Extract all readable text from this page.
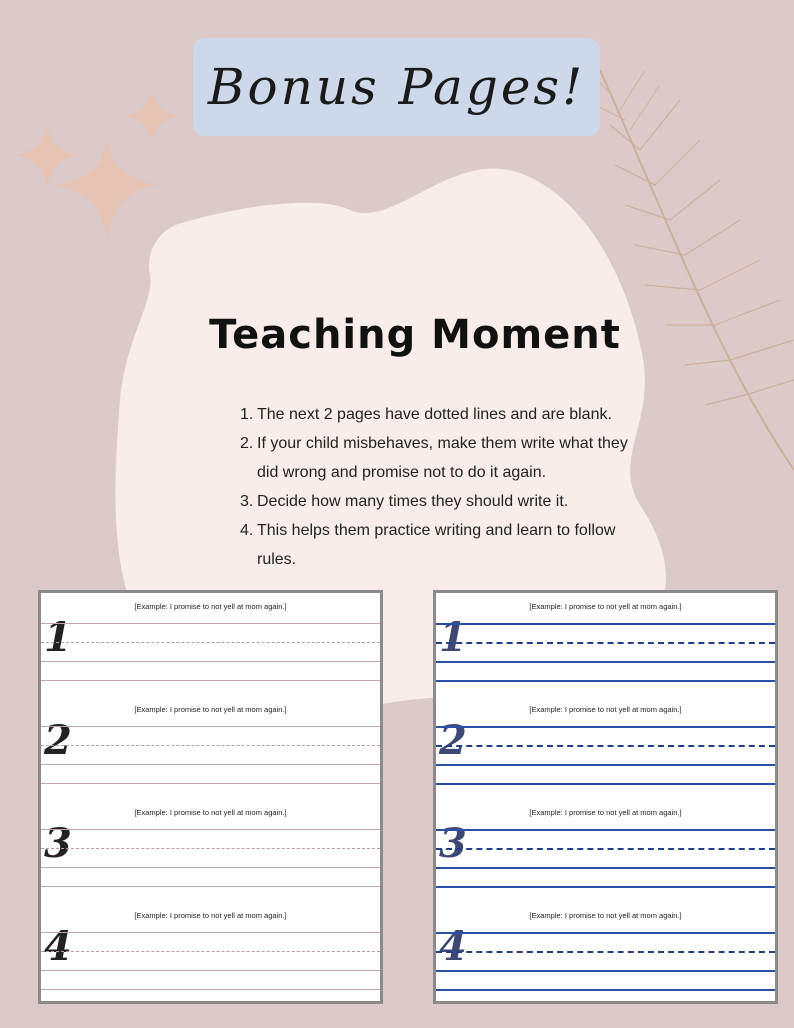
Bonus Pages!
Teaching Moment
1. The next 2 pages have dotted lines and are blank.
2. If your child misbehaves, make them write what they did wrong and promise not to do it again.
3. Decide how many times they should write it.
4. This helps them practice writing and learn to follow rules.
[Example: I promise to not yell at mom again.]
1
[Example: I promise to not yell at mom again.]
2
[Example: I promise to not yell at mom again.]
3
[Example: I promise to not yell at mom again.]
4
[Example: I promise to not yell at mom again.]
1
[Example: I promise to not yell at mom again.]
2
[Example: I promise to not yell at mom again.]
3
[Example: I promise to not yell at mom again.]
4
